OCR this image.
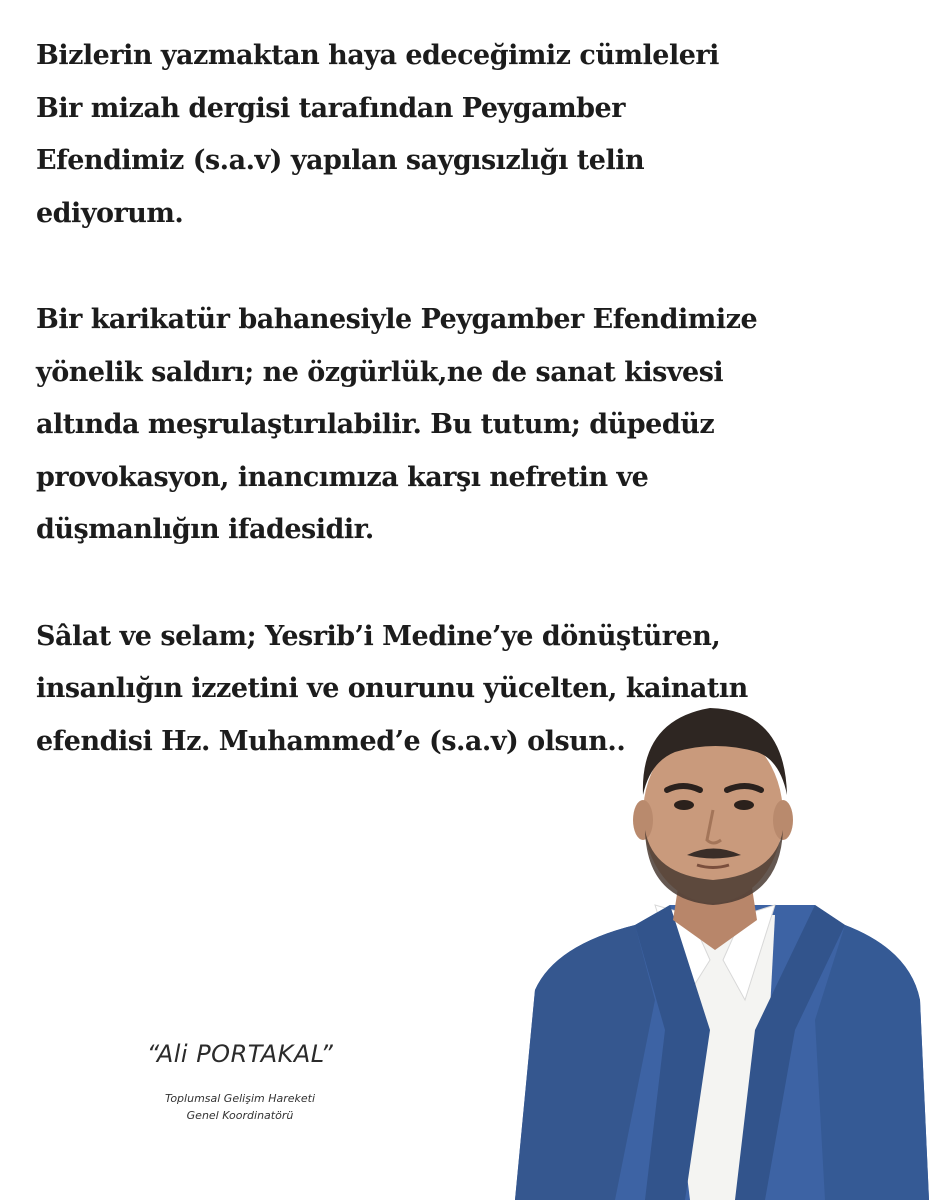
Bizlerin yazmaktan haya edeceğimiz cümleleri
Bir mizah dergisi tarafından Peygamber
Efendimiz (s.a.v) yapılan saygısızlığı telin
ediyorum.

Bir karikatür bahanesiyle Peygamber Efendimize
yönelik saldırı; ne özgürlük,ne de sanat kisvesi
altında meşrulaştırılabilir. Bu tutum; düpedüz
provokasyon, inancımıza karşı nefretin ve
düşmanlığın ifadesidir.

Sâlat ve selam; Yesrib’i Medine’ye dönüştüren,
insanlığın izzetini ve onurunu yücelten, kainatın
efendisi Hz. Muhammed’e (s.a.v) olsun..

“Ali PORTAKAL”
Toplumsal Gelişim Hareketi
Genel Koordinatörü
